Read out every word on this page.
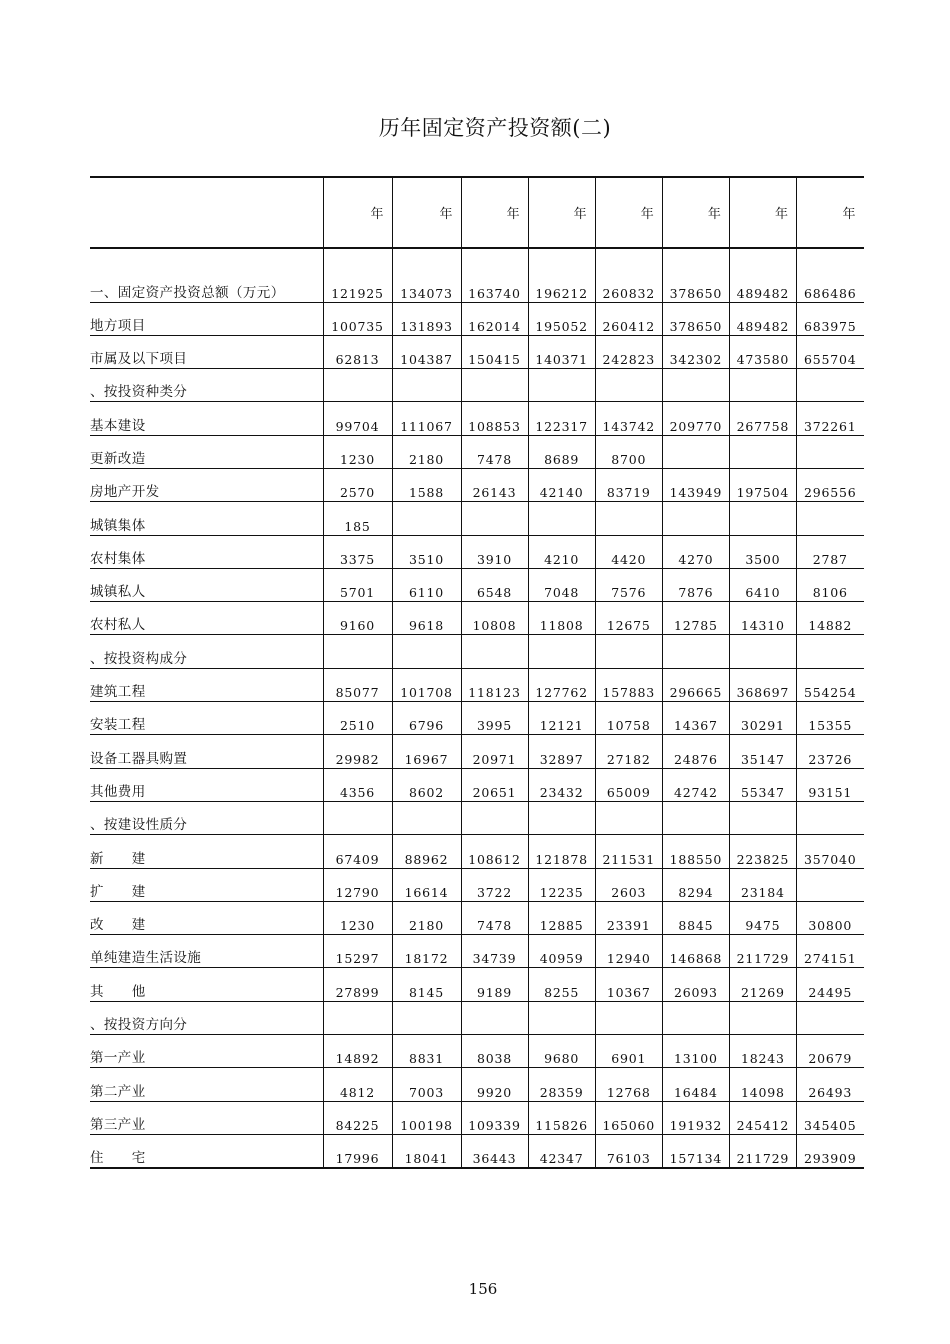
历年固定资产投资额(二)
	年	年	年	年	年	年	年	年
一、固定资产投资总额（万元）	121925	134073	163740	196212	260832	378650	489482	686486
地方项目	100735	131893	162014	195052	260412	378650	489482	683975
市属及以下项目	62813	104387	150415	140371	242823	342302	473580	655704
、按投资种类分								
基本建设	99704	111067	108853	122317	143742	209770	267758	372261
更新改造	1230	2180	7478	8689	8700			
房地产开发	2570	1588	26143	42140	83719	143949	197504	296556
城镇集体	185							
农村集体	3375	3510	3910	4210	4420	4270	3500	2787
城镇私人	5701	6110	6548	7048	7576	7876	6410	8106
农村私人	9160	9618	10808	11808	12675	12785	14310	14882
、按投资构成分								
建筑工程	85077	101708	118123	127762	157883	296665	368697	554254
安装工程	2510	6796	3995	12121	10758	14367	30291	15355
设备工器具购置	29982	16967	20971	32897	27182	24876	35147	23726
其他费用	4356	8602	20651	23432	65009	42742	55347	93151
、按建设性质分								
新　　建	67409	88962	108612	121878	211531	188550	223825	357040
扩　　建	12790	16614	3722	12235	2603	8294	23184	
改　　建	1230	2180	7478	12885	23391	8845	9475	30800
单纯建造生活设施	15297	18172	34739	40959	12940	146868	211729	274151
其　　他	27899	8145	9189	8255	10367	26093	21269	24495
、按投资方向分								
第一产业	14892	8831	8038	9680	6901	13100	18243	20679
第二产业	4812	7003	9920	28359	12768	16484	14098	26493
第三产业	84225	100198	109339	115826	165060	191932	245412	345405
住　　宅	17996	18041	36443	42347	76103	157134	211729	293909
156
